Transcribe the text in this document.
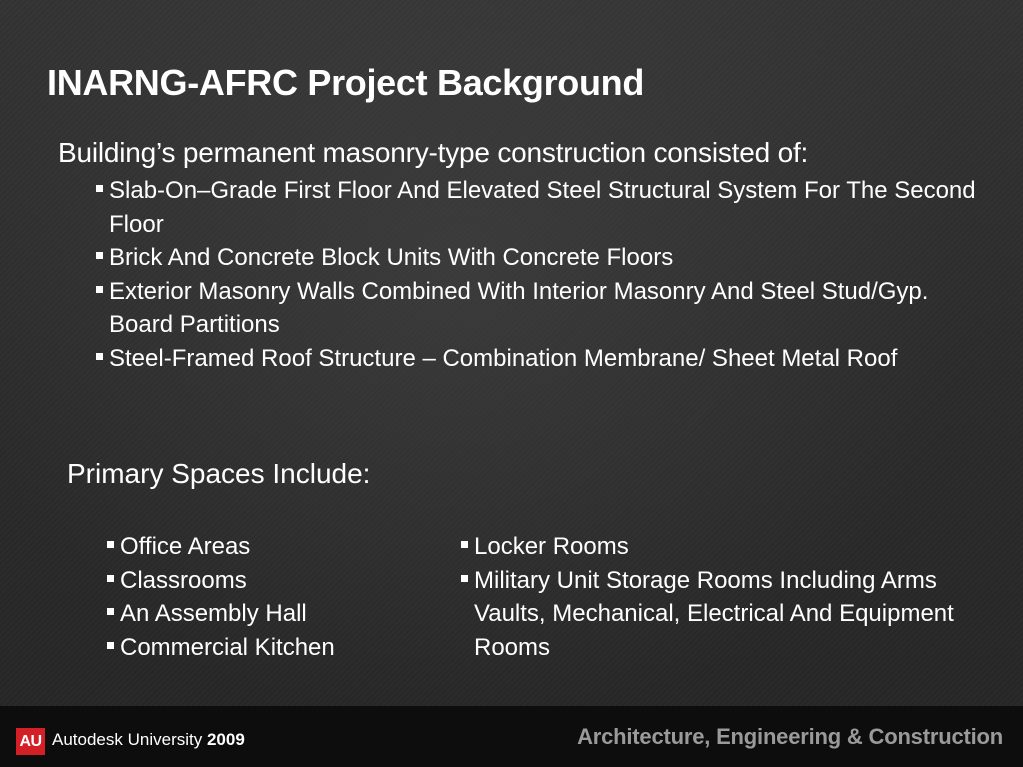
INARNG-AFRC Project Background
Building’s permanent masonry-type construction consisted of:
Slab-On–Grade First Floor And Elevated Steel Structural System For The Second Floor
Brick And Concrete Block Units With Concrete Floors
Exterior Masonry Walls Combined With Interior Masonry And Steel Stud/Gyp. Board Partitions
Steel-Framed Roof Structure – Combination Membrane/ Sheet Metal Roof
Primary Spaces Include:
Office Areas
Classrooms
An Assembly Hall
Commercial Kitchen
Locker Rooms
Military Unit Storage Rooms Including Arms Vaults, Mechanical, Electrical And Equipment Rooms
AU Autodesk University 2009	Architecture, Engineering & Construction
